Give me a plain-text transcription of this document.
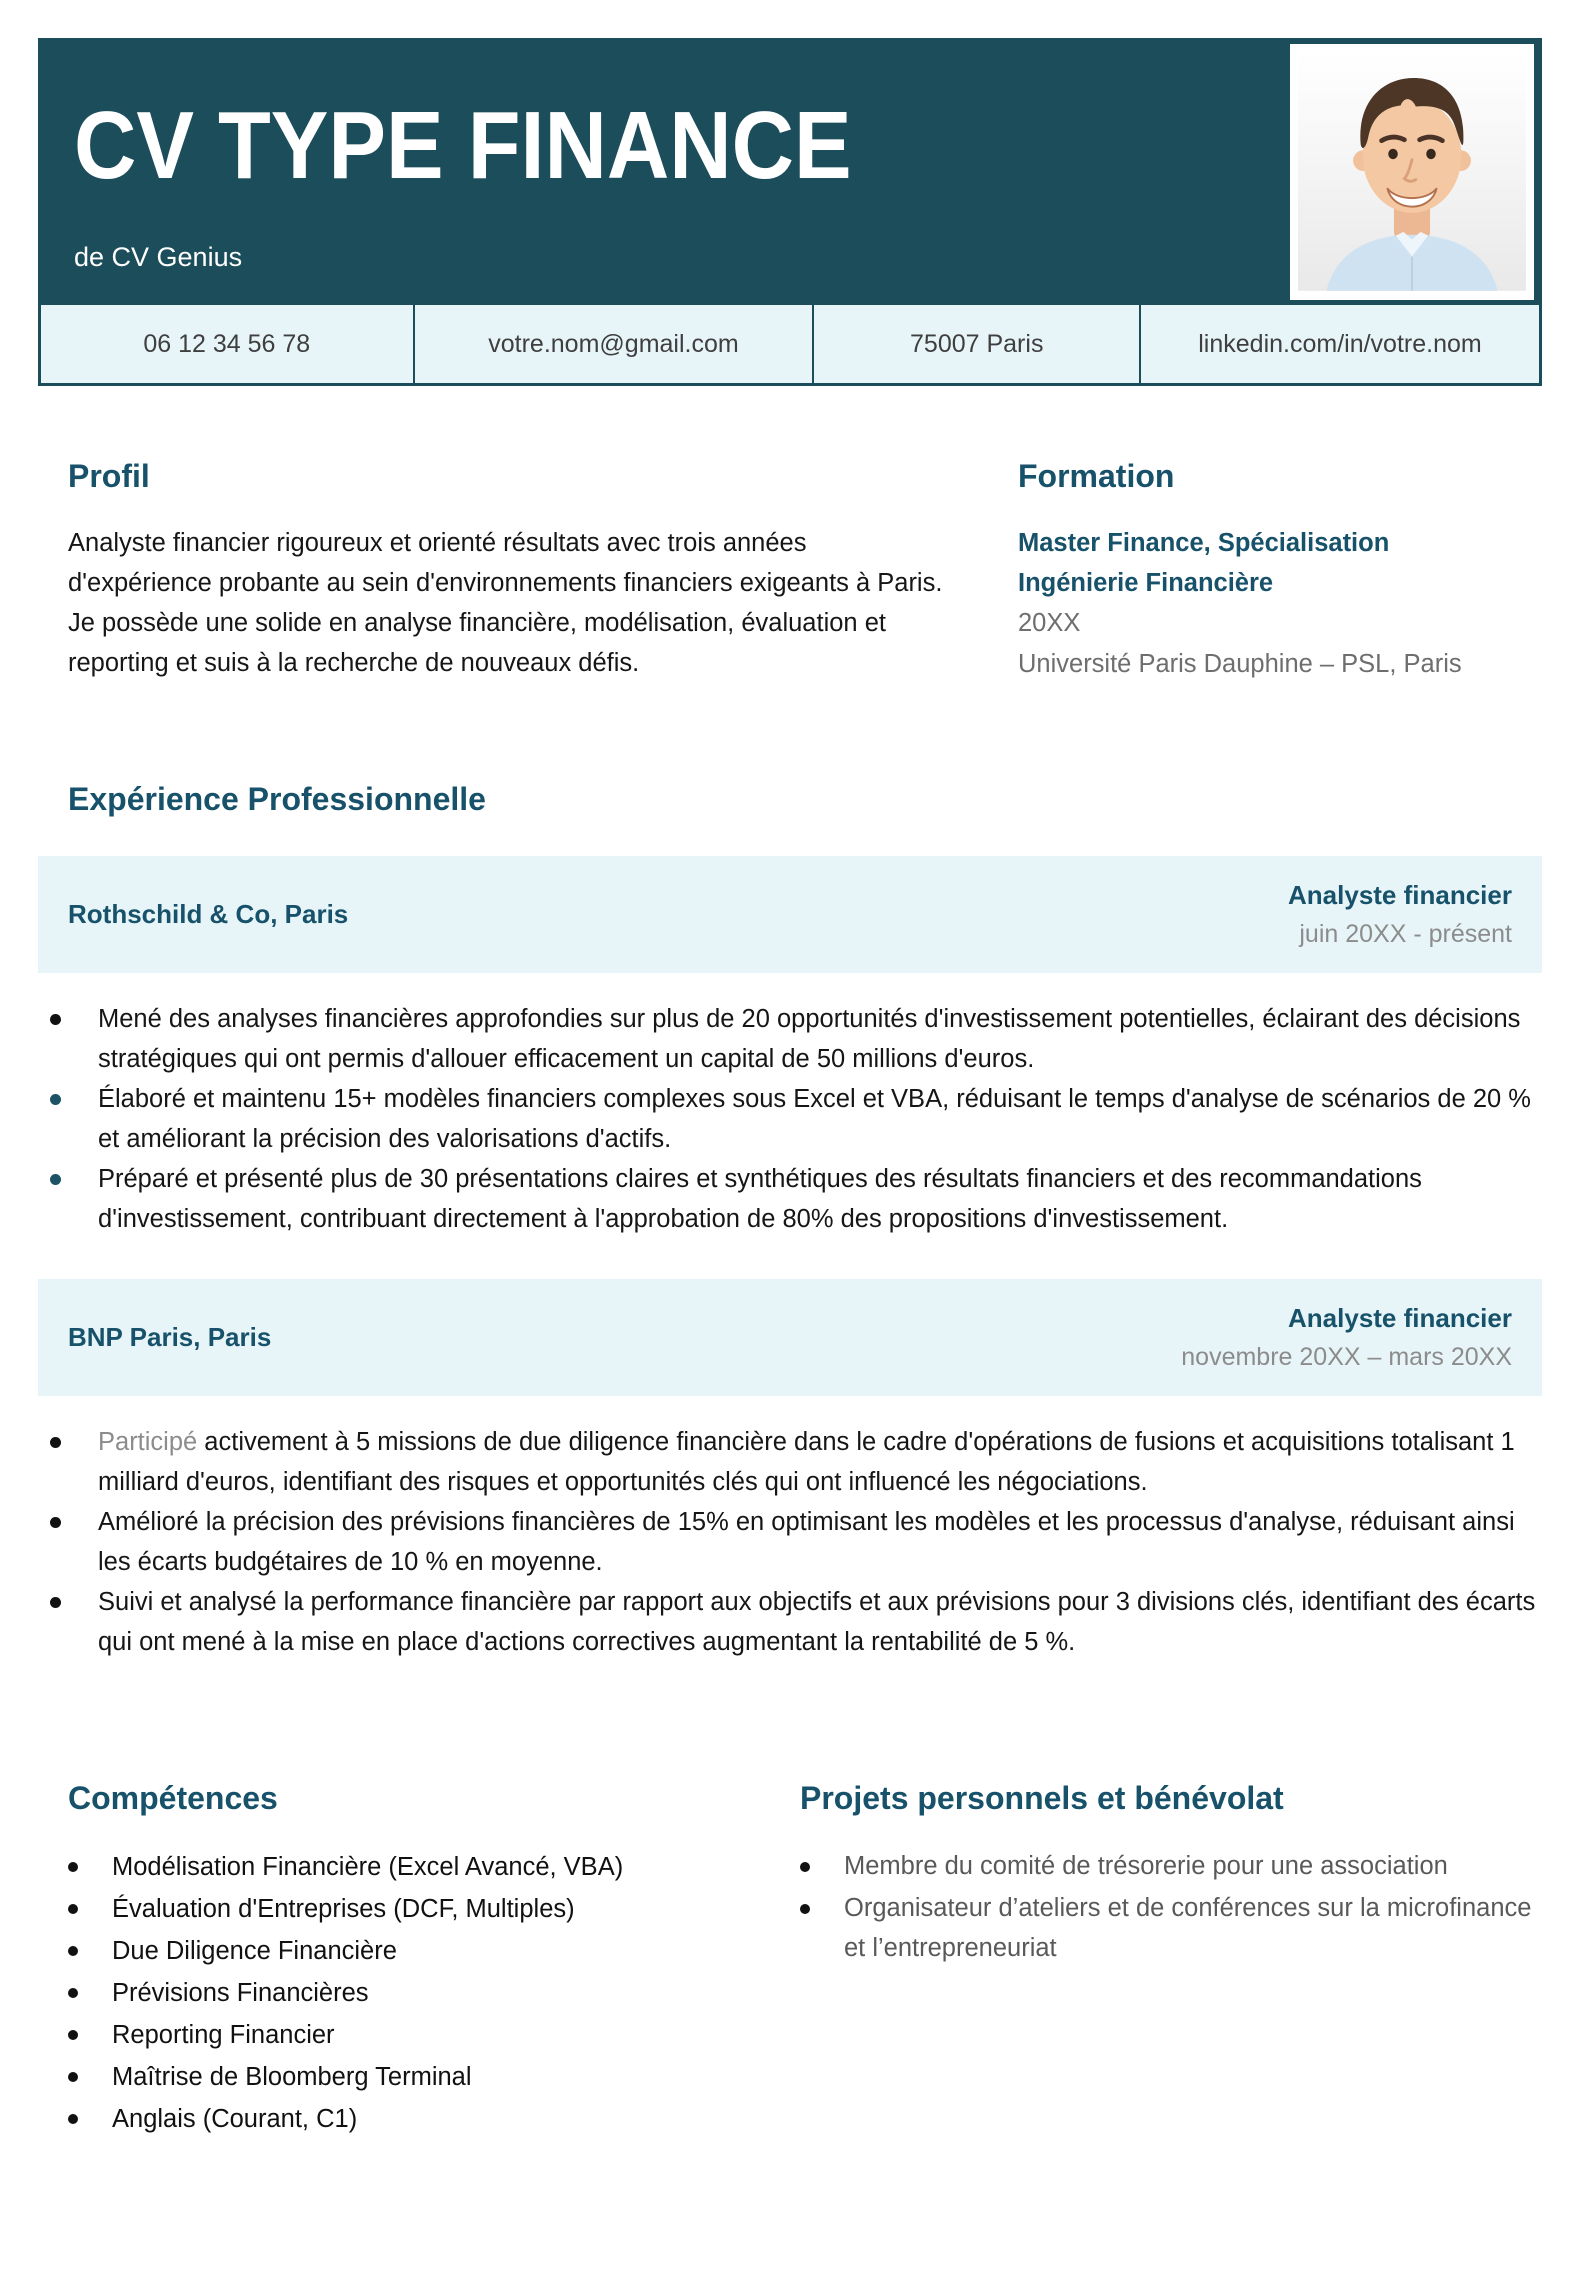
CV TYPE FINANCE
de CV Genius
06 12 34 56 78	votre.nom@gmail.com	75007 Paris	linkedin.com/in/votre.nom
Profil

Analyste financier rigoureux et orienté résultats avec trois années d'expérience probante au sein d'environnements financiers exigeants à Paris. Je possède une solide en analyse financière, modélisation, évaluation et reporting et suis à la recherche de nouveaux défis.

Formation
Master Finance, Spécialisation Ingénierie Financière
20XX
Université Paris Dauphine – PSL, Paris
Expérience Professionnelle
Rothschild & Co, Paris
Analyste financier
juin 20XX - présent
Mené des analyses financières approfondies sur plus de 20 opportunités d'investissement potentielles, éclairant des décisions stratégiques qui ont permis d'allouer efficacement un capital de 50 millions d'euros.
Élaboré et maintenu 15+ modèles financiers complexes sous Excel et VBA, réduisant le temps d'analyse de scénarios de 20 % et améliorant la précision des valorisations d'actifs.
Préparé et présenté plus de 30 présentations claires et synthétiques des résultats financiers et des recommandations d'investissement, contribuant directement à l'approbation de 80% des propositions d'investissement.
BNP Paris, Paris
Analyste financier
novembre 20XX – mars 20XX
Participé activement à 5 missions de due diligence financière dans le cadre d'opérations de fusions et acquisitions totalisant 1 milliard d'euros, identifiant des risques et opportunités clés qui ont influencé les négociations.
Amélioré la précision des prévisions financières de 15% en optimisant les modèles et les processus d'analyse, réduisant ainsi les écarts budgétaires de 10 % en moyenne.
Suivi et analysé la performance financière par rapport aux objectifs et aux prévisions pour 3 divisions clés, identifiant des écarts qui ont mené à la mise en place d'actions correctives augmentant la rentabilité de 5 %.
Compétences
Modélisation Financière (Excel Avancé, VBA)
Évaluation d'Entreprises (DCF, Multiples)
Due Diligence Financière
Prévisions Financières
Reporting Financier
Maîtrise de Bloomberg Terminal
Anglais (Courant, C1)
Projets personnels et bénévolat
Membre du comité de trésorerie pour une association
Organisateur d’ateliers et de conférences sur la microfinance et l’entrepreneuriat
